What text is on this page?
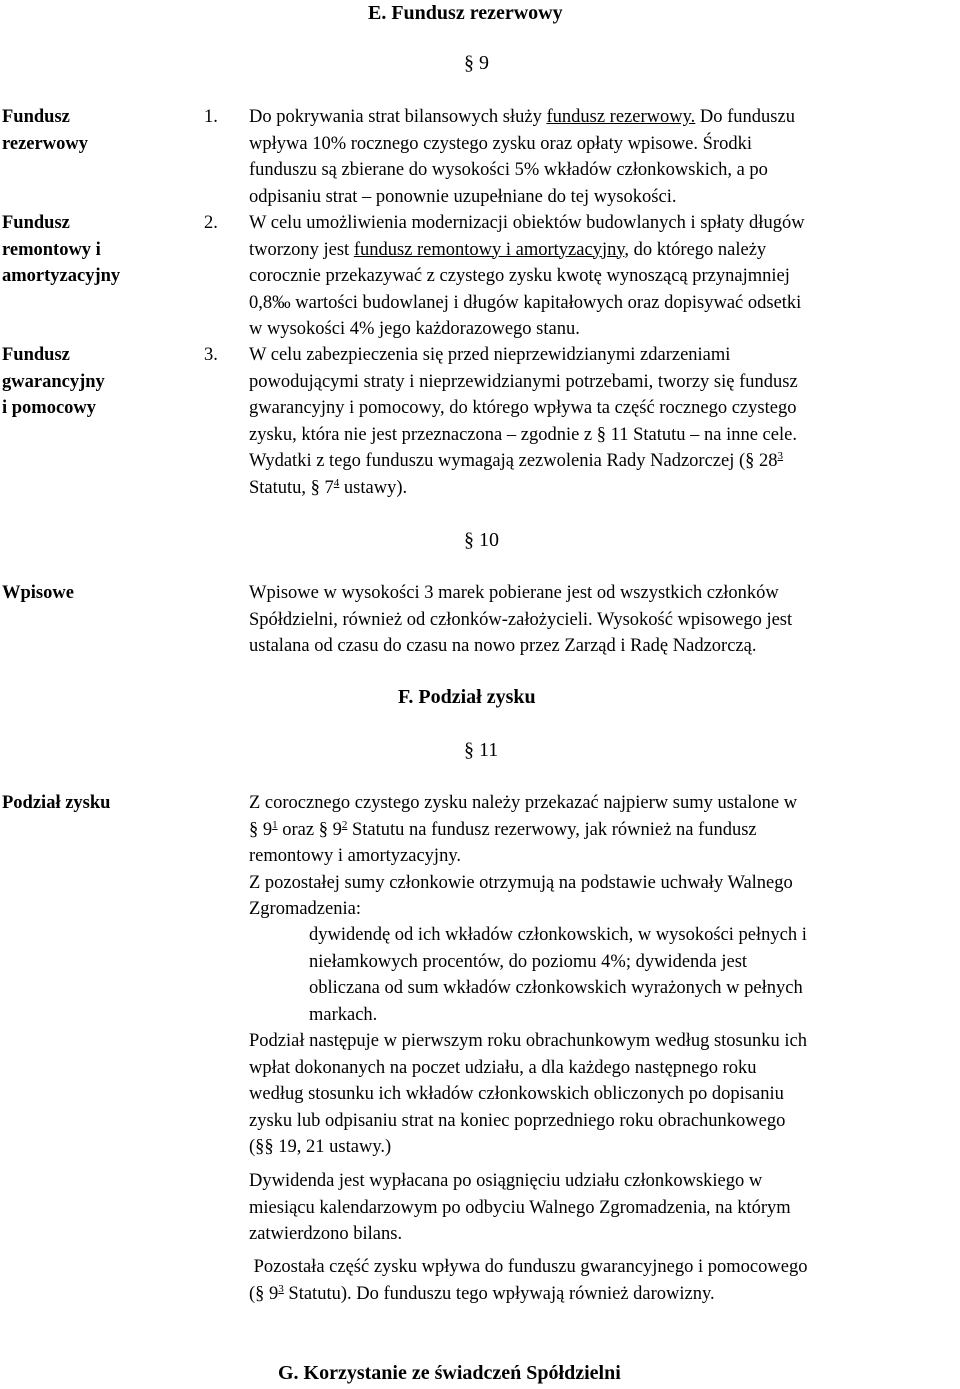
E. Fundusz rezerwowy
§ 9
Fundusz
rezerwowy
Fundusz
remontowy i
amortyzacyjny
Fundusz
gwarancyjny
i pomocowy
Wpisowe
Podział zysku
1. Do pokrywania strat bilansowych służy fundusz rezerwowy. Do funduszu
wpływa 10% rocznego czystego zysku oraz opłaty wpisowe. Środki
funduszu są zbierane do wysokości 5% wkładów członkowskich, a po
odpisaniu strat – ponownie uzupełniane do tej wysokości.
2. W celu umożliwienia modernizacji obiektów budowlanych i spłaty długów
tworzony jest fundusz remontowy i amortyzacyjny, do którego należy
corocznie przekazywać z czystego zysku kwotę wynoszącą przynajmniej
0,8‰ wartości budowlanej i długów kapitałowych oraz dopisywać odsetki
w wysokości 4% jego każdorazowego stanu.
3. W celu zabezpieczenia się przed nieprzewidzianymi zdarzeniami
powodującymi straty i nieprzewidzianymi potrzebami, tworzy się fundusz
gwarancyjny i pomocowy, do którego wpływa ta część rocznego czystego
zysku, która nie jest przeznaczona – zgodnie z § 11 Statutu – na inne cele.
Wydatki z tego funduszu wymagają zezwolenia Rady Nadzorczej (§ $28^3$
Statutu, § $7^4$ ustawy).
§ 10
Wpisowe w wysokości 3 marek pobierane jest od wszystkich członków
Spółdzielni, również od członków-założycieli. Wysokość wpisowego jest
ustalana od czasu do czasu na nowo przez Zarząd i Radę Nadzorczą.
F. Podział zysku
§ 11
Z corocznego czystego zysku należy przekazać najpierw sumy ustalone w
§ $9^1$ oraz § $9^2$ Statutu na fundusz rezerwowy, jak również na fundusz
remontowy i amortyzacyjny.
Z pozostałej sumy członkowie otrzymują na podstawie uchwały Walnego
Zgromadzenia:
dywidendę od ich wkładów członkowskich, w wysokości pełnych i
niełamkowych procentów, do poziomu 4%; dywidenda jest
obliczana od sum wkładów członkowskich wyrażonych w pełnych
markach.
Podział następuje w pierwszym roku obrachunkowym według stosunku ich
wpłat dokonanych na poczet udziału, a dla każdego następnego roku
według stosunku ich wkładów członkowskich obliczonych po dopisaniu
zysku lub odpisaniu strat na koniec poprzedniego roku obrachunkowego
(§§ 19, 21 ustawy.)
Dywidenda jest wypłacana po osiągnięciu udziału członkowskiego w
miesiącu kalendarzowym po odbyciu Walnego Zgromadzenia, na którym
zatwierdzono bilans.
Pozostała część zysku wpływa do funduszu gwarancyjnego i pomocowego
(§ $9^3$ Statutu). Do funduszu tego wpływają również darowizny.
G. Korzystanie ze świadczeń Spółdzielni
